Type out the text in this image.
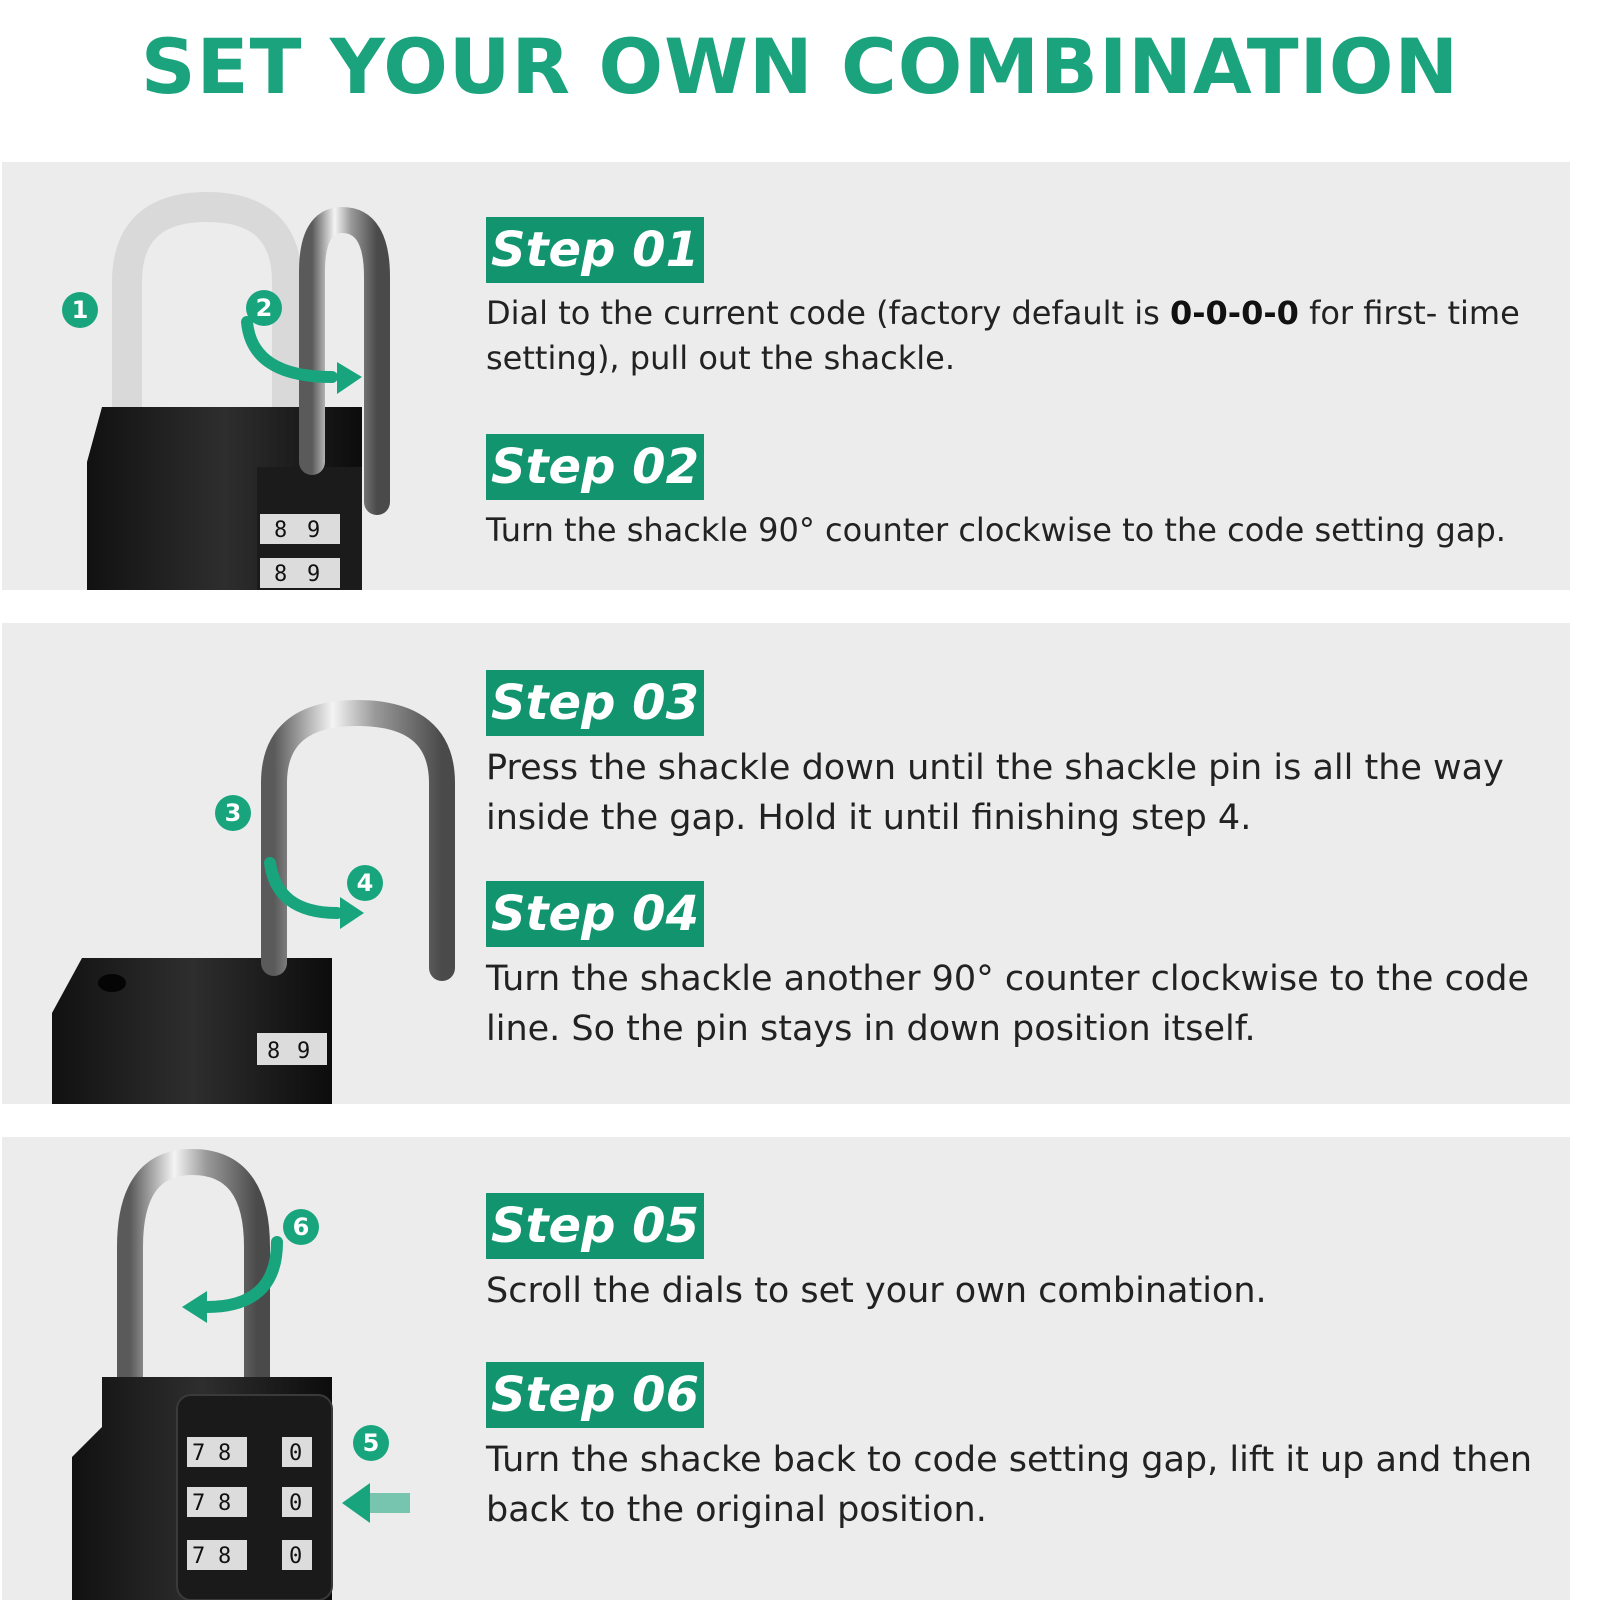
SET YOUR OWN COMBINATION
8 9
8 9
1	2
Step 01
Dial to the current code (factory default is 0-0-0-0 for first- time setting), pull out the shackle.
Step 02
Turn the shackle 90° counter clockwise to the code setting gap.
8 9
3
4
Step 03
Press the shackle down until the shackle pin is all the way inside the gap. Hold it until finishing step 4.
Step 04
Turn the shackle another 90° counter clockwise to the code line. So the pin stays in down position itself.
7 8	0
7 8	0
7 8	0
6
5
Step 05
Scroll the dials to set your own combination.
Step 06
Turn the shacke back to code setting gap, lift it up and then back to the original position.
